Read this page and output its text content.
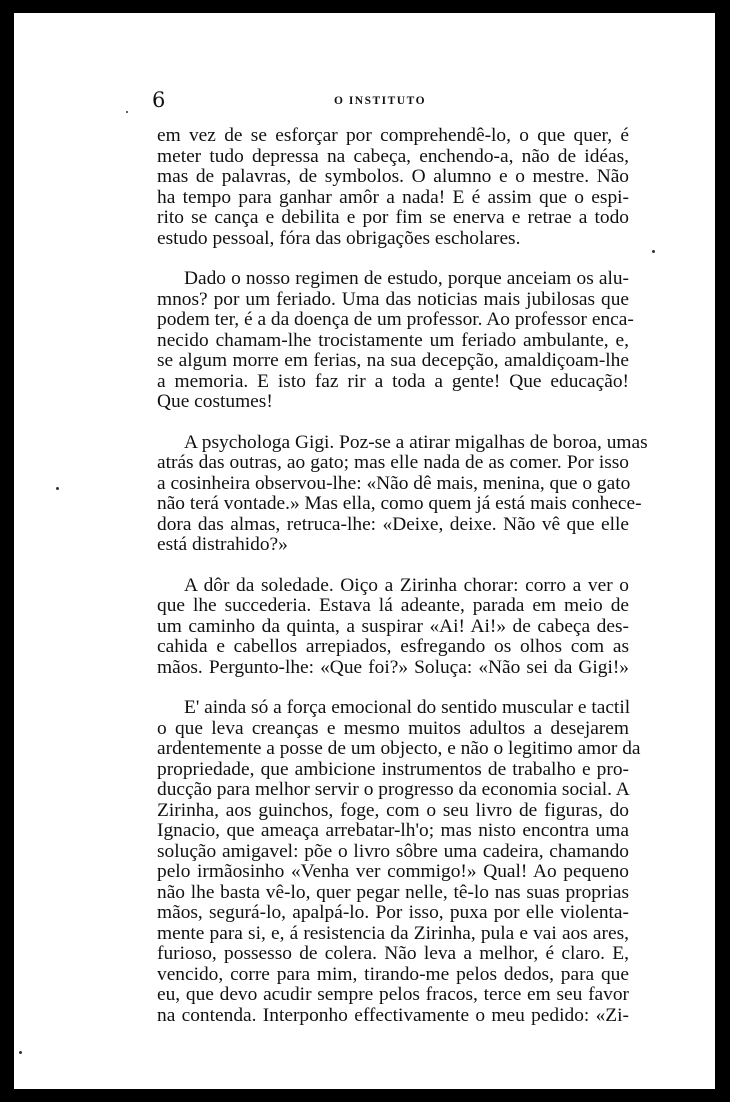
6	O INSTITUTO

em vez de se esforçar por comprehendê-lo, o que quer, é
meter tudo depressa na cabeça, enchendo-a, não de idéas,
mas de palavras, de symbolos. O alumno e o mestre. Não
ha tempo para ganhar amôr a nada! E é assim que o espi-
rito se cança e debilita e por fim se enerva e retrae a todo
estudo pessoal, fóra das obrigações escholares.

Dado o nosso regimen de estudo, porque anceiam os alu-
mnos? por um feriado. Uma das noticias mais jubilosas que
podem ter, é a da doença de um professor. Ao professor enca-
necido chamam-lhe trocistamente um feriado ambulante, e,
se algum morre em ferias, na sua decepção, amaldiçoam-lhe
a memoria. E isto faz rir a toda a gente! Que educação!
Que costumes!

A psychologa Gigi. Poz-se a atirar migalhas de boroa, umas
atrás das outras, ao gato; mas elle nada de as comer. Por isso
a cosinheira observou-lhe: «Não dê mais, menina, que o gato
não terá vontade.» Mas ella, como quem já está mais conhece-
dora das almas, retruca-lhe: «Deixe, deixe. Não vê que elle
está distrahido?»

A dôr da soledade. Oiço a Zirinha chorar: corro a ver o
que lhe succederia. Estava lá adeante, parada em meio de
um caminho da quinta, a suspirar «Ai! Ai!» de cabeça des-
cahida e cabellos arrepiados, esfregando os olhos com as
mãos. Pergunto-lhe: «Que foi?» Soluça: «Não sei da Gigi!»

E' ainda só a força emocional do sentido muscular e tactil
o que leva creanças e mesmo muitos adultos a desejarem
ardentemente a posse de um objecto, e não o legitimo amor da
propriedade, que ambicione instrumentos de trabalho e pro-
ducção para melhor servir o progresso da economia social. A
Zirinha, aos guinchos, foge, com o seu livro de figuras, do
Ignacio, que ameaça arrebatar-lh'o; mas nisto encontra uma
solução amigavel: põe o livro sôbre uma cadeira, chamando
pelo irmãosinho «Venha ver commigo!» Qual! Ao pequeno
não lhe basta vê-lo, quer pegar nelle, tê-lo nas suas proprias
mãos, segurá-lo, apalpá-lo. Por isso, puxa por elle violenta-
mente para si, e, á resistencia da Zirinha, pula e vai aos ares,
furioso, possesso de colera. Não leva a melhor, é claro. E,
vencido, corre para mim, tirando-me pelos dedos, para que
eu, que devo acudir sempre pelos fracos, terce em seu favor
na contenda. Interponho effectivamente o meu pedido: «Zi-
